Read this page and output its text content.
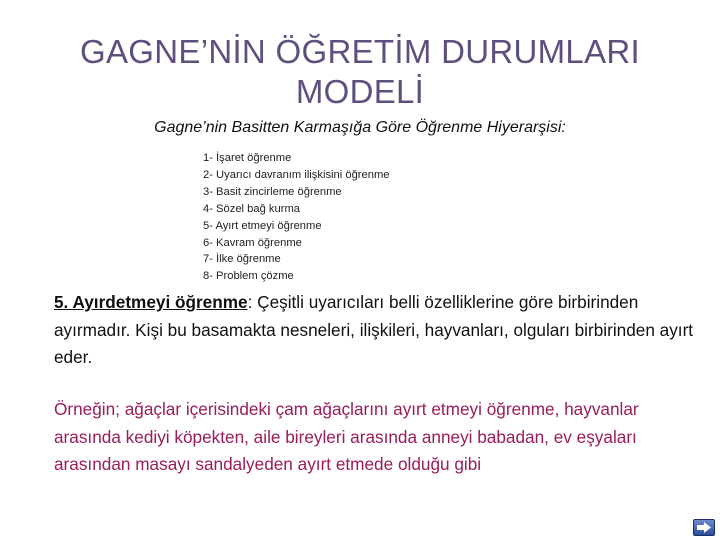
GAGNE’NİN ÖĞRETİM DURUMLARI
MODELİ

Gagne’nin Basitten Karmaşığa Göre Öğrenme Hiyerarşisi:

1- İşaret öğrenme
2- Uyarıcı davranım ilişkisini öğrenme
3- Basit zincirleme öğrenme
4- Sözel bağ kurma
5- Ayırt etmeyi öğrenme
6- Kavram öğrenme
7- İlke öğrenme
8- Problem çözme

5. Ayırdetmeyi öğrenme: Çeşitli uyarıcıları belli özelliklerine göre birbirinden ayırmadır. Kişi bu basamakta nesneleri, ilişkileri, hayvanları, olguları birbirinden ayırt eder.

Örneğin; ağaçlar içerisindeki çam ağaçlarını ayırt etmeyi öğrenme, hayvanlar arasında kediyi köpekten, aile bireyleri arasında anneyi babadan, ev eşyaları arasından masayı sandalyeden ayırt etmede olduğu gibi
